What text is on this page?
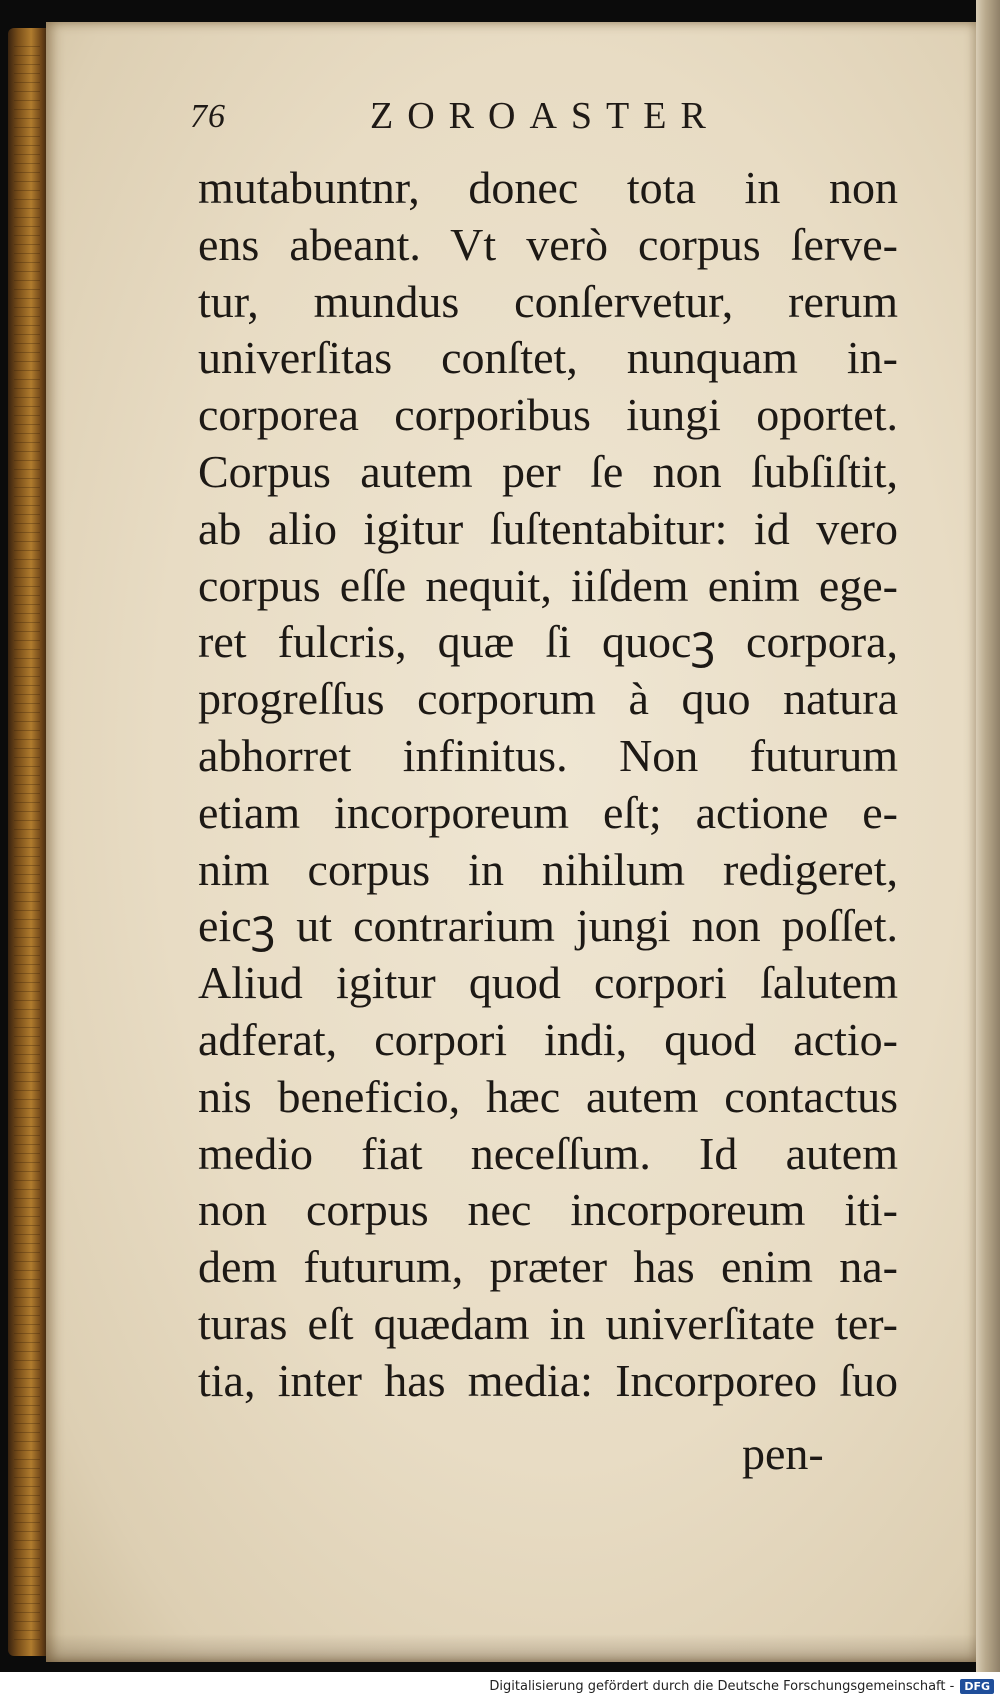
76	ZOROASTER
mutabuntnr, donec tota in non
ens abeant. Vt verò corpus ſerve-
tur, mundus conſervetur, rerum
univerſitas conſtet, nunquam in-
corporea corporibus iungi oportet.
Corpus autem per ſe non ſubſiſtit,
ab alio igitur ſuſtentabitur: id vero
corpus eſſe nequit, iiſdem enim ege-
ret fulcris, quæ ſi quocꝫ corpora,
progreſſus corporum à quo natura
abhorret infinitus. Non futurum
etiam incorporeum eſt; actione e-
nim corpus in nihilum redigeret,
eicꝫ ut contrarium jungi non poſſet.
Aliud igitur quod corpori ſalutem
adferat, corpori indi, quod actio-
nis beneficio, hæc autem contactus
medio fiat neceſſum. Id autem
non corpus nec incorporeum iti-
dem futurum, præter has enim na-
turas eſt quædam in univerſitate ter-
tia, inter has media: Incorporeo ſuo
pen-
Digitalisierung gefördert durch die Deutsche Forschungsgemeinschaft - DFG
